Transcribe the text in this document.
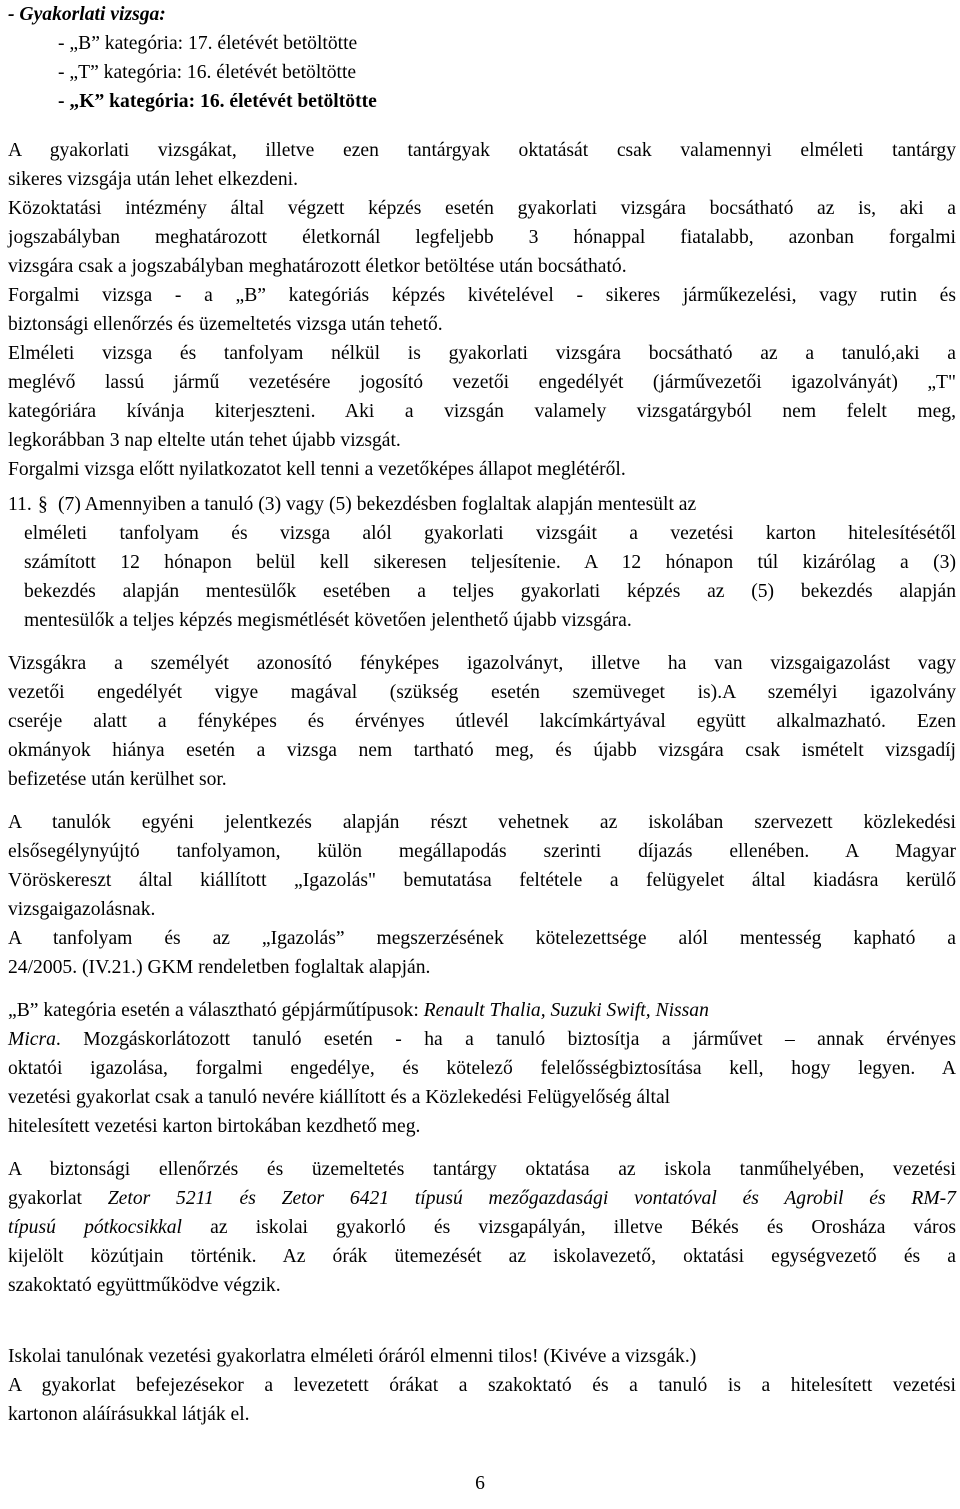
- Gyakorlati vizsga:
- „B” kategória: 17. életévét betöltötte
- „T” kategória: 16. életévét betöltötte
- „K” kategória: 16. életévét betöltötte
A gyakorlati vizsgákat, illetve ezen tantárgyak oktatását csak valamennyi elméleti tantárgy
sikeres vizsgája után lehet elkezdeni.
Közoktatási intézmény által végzett képzés esetén gyakorlati vizsgára bocsátható az is, aki a
jogszabályban meghatározott életkornál legfeljebb 3 hónappal fiatalabb, azonban forgalmi
vizsgára csak a jogszabályban meghatározott életkor betöltése után bocsátható.
Forgalmi vizsga - a „B” kategóriás képzés kivételével - sikeres járműkezelési, vagy rutin és
biztonsági ellenőrzés és üzemeltetés vizsga után tehető.
Elméleti vizsga és tanfolyam nélkül is gyakorlati vizsgára bocsátható az a tanuló,aki a
meglévő lassú jármű vezetésére jogosító vezetői engedélyét (járművezetői igazolványát) „T"
kategóriára kívánja kiterjeszteni. Aki a vizsgán valamely vizsgatárgyból nem felelt meg,
legkorábban 3 nap eltelte után tehet újabb vizsgát.
Forgalmi vizsga előtt nyilatkozatot kell tenni a vezetőképes állapot meglétéről.
11. § (7) Amennyiben a tanuló (3) vagy (5) bekezdésben foglaltak alapján mentesült az
elméleti tanfolyam és vizsga alól gyakorlati vizsgáit a vezetési karton hitelesítésétől
számított 12 hónapon belül kell sikeresen teljesítenie. A 12 hónapon túl kizárólag a (3)
bekezdés alapján mentesülők esetében a teljes gyakorlati képzés az (5) bekezdés alapján
mentesülők a teljes képzés megismétlését követően jelenthető újabb vizsgára.
Vizsgákra a személyét azonosító fényképes igazolványt, illetve ha van vizsgaigazolást vagy
vezetői engedélyét vigye magával (szükség esetén szemüveget is).A személyi igazolvány
cseréje alatt a fényképes és érvényes útlevél lakcímkártyával együtt alkalmazható. Ezen
okmányok hiánya esetén a vizsga nem tartható meg, és újabb vizsgára csak ismételt vizsgadíj
befizetése után kerülhet sor.
A tanulók egyéni jelentkezés alapján részt vehetnek az iskolában szervezett közlekedési
elsősegélynyújtó tanfolyamon, külön megállapodás szerinti díjazás ellenében. A Magyar
Vöröskereszt által kiállított „Igazolás" bemutatása feltétele a felügyelet által kiadásra kerülő
vizsgaigazolásnak.
A tanfolyam és az „Igazolás” megszerzésének kötelezettsége alól mentesség kapható a
24/2005. (IV.21.) GKM rendeletben foglaltak alapján.
„B” kategória esetén a választható gépjárműtípusok: Renault Thalia, Suzuki Swift, Nissan
Micra. Mozgáskorlátozott tanuló esetén - ha a tanuló biztosítja a járművet – annak érvényes
oktatói igazolása, forgalmi engedélye, és kötelező felelősségbiztosítása kell, hogy legyen. A
vezetési gyakorlat csak a tanuló nevére kiállított és a Közlekedési Felügyelőség által
hitelesített vezetési karton birtokában kezdhető meg.
A biztonsági ellenőrzés és üzemeltetés tantárgy oktatása az iskola tanműhelyében, vezetési
gyakorlat Zetor 5211 és Zetor 6421 típusú mezőgazdasági vontatóval és Agrobil és RM-7
típusú pótkocsikkal az iskolai gyakorló és vizsgapályán, illetve Békés és Orosháza város
kijelölt közútjain történik. Az órák ütemezését az iskolavezető, oktatási egységvezető és a
szakoktató együttműködve végzik.
Iskolai tanulónak vezetési gyakorlatra elméleti óráról elmenni tilos! (Kivéve a vizsgák.)
A gyakorlat befejezésekor a levezetett órákat a szakoktató és a tanuló is a hitelesített vezetési
kartonon aláírásukkal látják el.
6
